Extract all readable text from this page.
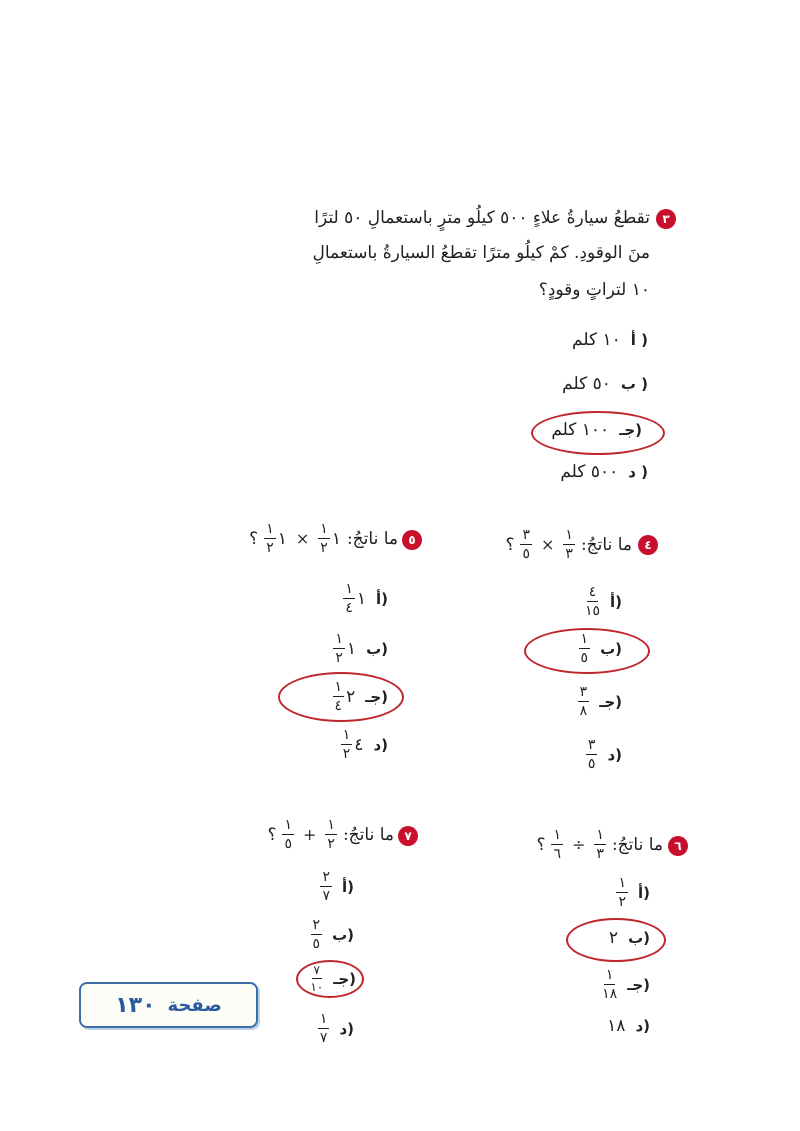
٣
تقطعُ سيارةُ علاءٍ ٥٠٠ كيلُو مترٍ باستعمالِ ٥٠ لترًا
منَ الوقودِ. كمْ كيلُو مترًا تقطعُ السيارةُ باستعمالِ
١٠ لتراتٍ وقودٍ؟
أ )
١٠ كلم
ب )
٥٠ كلم
جـ)
١٠٠ كلم
د )
٥٠٠ كلم
٤
ما ناتجُ:
$\frac{١}{٣}$
×
$\frac{٣}{٥}$
؟
أ)
$\frac{٤}{١٥}$
ب)
$\frac{١}{٥}$
جـ)
$\frac{٣}{٨}$
د)
$\frac{٣}{٥}$
٥
ما ناتجُ:
١
$\frac{١}{٢}$
×
١
$\frac{١}{٢}$
؟
أ)
١
$\frac{١}{٤}$
ب)
١
$\frac{١}{٢}$
جـ)
٢
$\frac{١}{٤}$
د)
٤
$\frac{١}{٢}$
٦
ما ناتجُ:
$\frac{١}{٣}$
÷
$\frac{١}{٦}$
؟
أ)
$\frac{١}{٢}$
ب)
٢
جـ)
$\frac{١}{١٨}$
د)
١٨
٧
ما ناتجُ:
$\frac{١}{٢}$
+
$\frac{١}{٥}$
؟
أ)
$\frac{٢}{٧}$
ب)
$\frac{٢}{٥}$
جـ)
$\frac{٧}{١٠}$
د)
$\frac{١}{٧}$
صفحة
١٣٠
